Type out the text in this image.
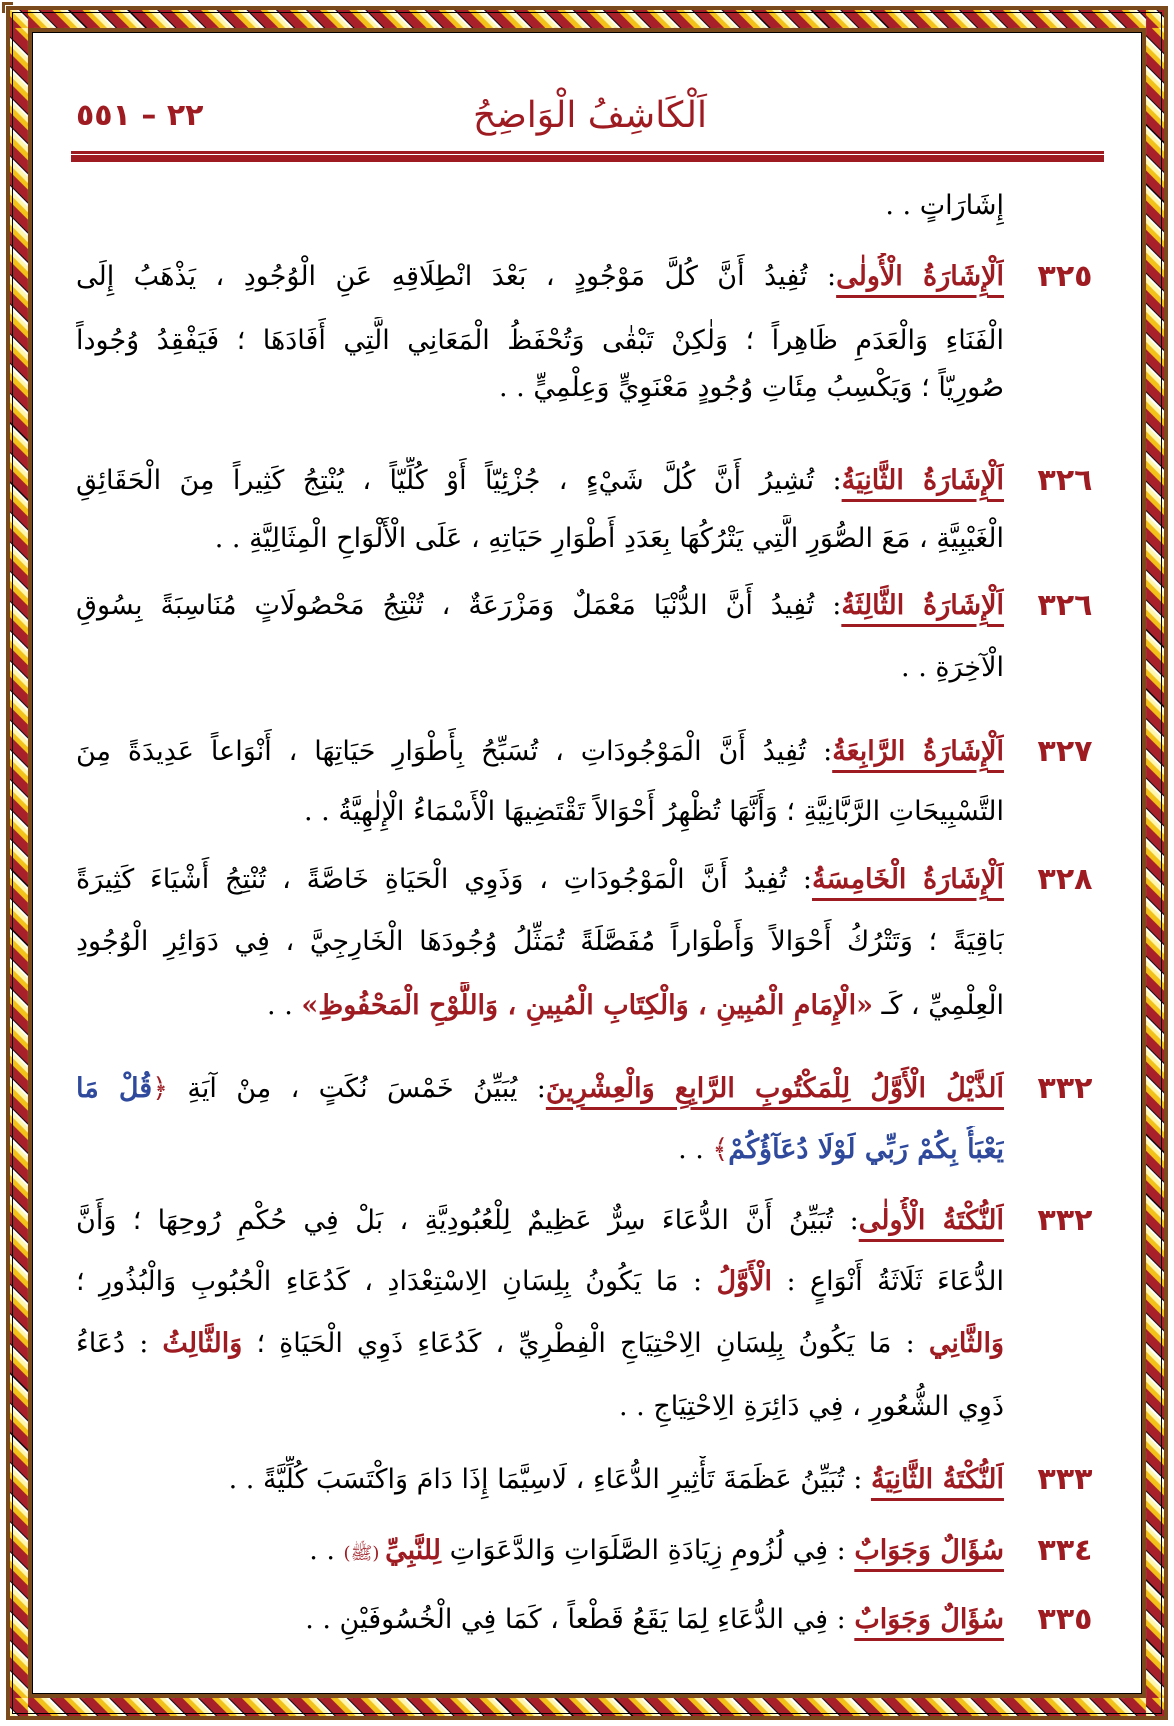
اَلْكَاشِفُ الْوَاضِحُ
٢٢ – ٥٥١
إِشَارَاتٍ . .
٣٢٥
اَلْإِشَارَةُ الْأُولٰى: تُفِيدُ أَنَّ كُلَّ مَوْجُودٍ ، بَعْدَ انْطِلَاقِهِ عَنِ الْوُجُودِ ، يَذْهَبُ إِلَى
الْفَنَاءِ وَالْعَدَمِ ظَاهِراً ؛ وَلٰكِنْ تَبْقٰى وَتُحْفَظُ الْمَعَانِي الَّتِي أَفَادَهَا ؛ فَيَفْقِدُ وُجُوداً
صُورِيّاً ؛ وَيَكْسِبُ مِئَاتِ وُجُودٍ مَعْنَوِيٍّ وَعِلْمِيٍّ . .
٣٢٦
اَلْإِشَارَةُ الثَّانِيَةُ: تُشِيرُ أَنَّ كُلَّ شَيْءٍ ، جُزْئِيّاً أَوْ كُلِّيّاً ، يُنْتِجُ كَثِيراً مِنَ الْحَقَائِقِ
الْغَيْبِيَّةِ ، مَعَ الصُّوَرِ الَّتِي يَتْرُكُهَا بِعَدَدِ أَطْوَارِ حَيَاتِهِ ، عَلَى الْأَلْوَاحِ الْمِثَالِيَّةِ . .
٣٢٦
اَلْإِشَارَةُ الثَّالِثَةُ: تُفِيدُ أَنَّ الدُّنْيَا مَعْمَلٌ وَمَزْرَعَةٌ ، تُنْتِجُ مَحْصُولَاتٍ مُنَاسِبَةً بِسُوقِ
الْآخِرَةِ . .
٣٢٧
اَلْإِشَارَةُ الرَّابِعَةُ: تُفِيدُ أَنَّ الْمَوْجُودَاتِ ، تُسَبِّحُ بِأَطْوَارِ حَيَاتِهَا ، أَنْوَاعاً عَدِيدَةً مِنَ
التَّسْبِيحَاتِ الرَّبَّانِيَّةِ ؛ وَأَنَّهَا تُظْهِرُ أَحْوَالاً تَقْتَضِيهَا الْأَسْمَاءُ الْإِلٰهِيَّةُ . .
٣٢٨
اَلْإِشَارَةُ الْخَامِسَةُ: تُفِيدُ أَنَّ الْمَوْجُودَاتِ ، وَذَوِي الْحَيَاةِ خَاصَّةً ، تُنْتِجُ أَشْيَاءَ كَثِيرَةً
بَاقِيَةً ؛ وَتَتْرُكُ أَحْوَالاً وَأَطْوَاراً مُفَصَّلَةً تُمَثِّلُ وُجُودَهَا الْخَارِجِيَّ ، فِي دَوَائِرِ الْوُجُودِ
الْعِلْمِيِّ ، كَـ «الْإِمَامِ الْمُبِينِ ، وَالْكِتَابِ الْمُبِينِ ، وَاللَّوْحِ الْمَحْفُوظِ» . .
٣٣٢
اَلذَّيْلُ الْأَوَّلُ لِلْمَكْتُوبِ الرَّابِعِ وَالْعِشْرِينَ: يُبَيِّنُ خَمْسَ نُكَتٍ ، مِنْ آيَةِ ﴿قُلْ مَا
يَعْبَأُ بِكُمْ رَبِّي لَوْلَا دُعَآؤُكُمْ﴾ . .
٣٣٢
اَلنُّكْتَةُ الْأُولٰى: تُبَيِّنُ أَنَّ الدُّعَاءَ سِرٌّ عَظِيمٌ لِلْعُبُودِيَّةِ ، بَلْ فِي حُكْمِ رُوحِهَا ؛ وَأَنَّ
الدُّعَاءَ ثَلَاثَةُ أَنْوَاعٍ : الْأَوَّلُ : مَا يَكُونُ بِلِسَانِ الِاسْتِعْدَادِ ، كَدُعَاءِ الْحُبُوبِ وَالْبُذُورِ ؛
وَالثَّانِي : مَا يَكُونُ بِلِسَانِ الِاحْتِيَاجِ الْفِطْرِيِّ ، كَدُعَاءِ ذَوِي الْحَيَاةِ ؛ وَالثَّالِثُ : دُعَاءُ
ذَوِي الشُّعُورِ ، فِي دَائِرَةِ الِاحْتِيَاجِ . .
٣٣٣
اَلنُّكْتَةُ الثَّانِيَةُ : تُبَيِّنُ عَظَمَةَ تَأْثِيرِ الدُّعَاءِ ، لَاسِيَّمَا إِذَا دَامَ وَاكْتَسَبَ كُلِّيَّةً . .
٣٣٤
سُؤَالٌ وَجَوَابٌ : فِي لُزُومِ زِيَادَةِ الصَّلَوَاتِ وَالدَّعَوَاتِ لِلنَّبِيِّ (ﷺ) . .
٣٣٥
سُؤَالٌ وَجَوَابٌ : فِي الدُّعَاءِ لِمَا يَقَعُ قَطْعاً ، كَمَا فِي الْخُسُوفَيْنِ . .
